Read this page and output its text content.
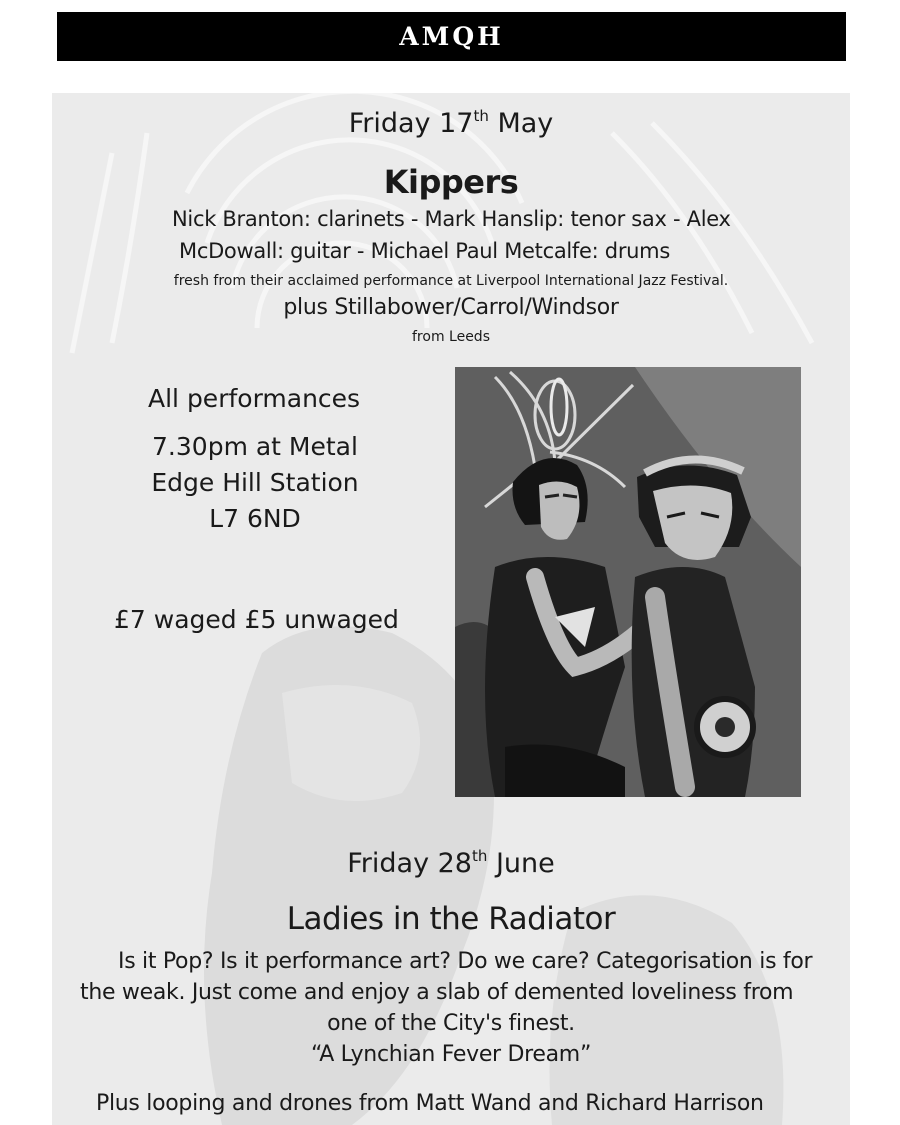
AMQH
Friday 17th May
Kippers
Nick Branton: clarinets - Mark Hanslip: tenor sax - Alex
McDowall: guitar - Michael Paul Metcalfe: drums
fresh from their acclaimed performance at Liverpool International Jazz Festival.
plus Stillabower/Carrol/Windsor
from Leeds
All performances
7.30pm at Metal
Edge Hill Station
L7 6ND
£7 waged £5 unwaged
Friday 28th June
Ladies in the Radiator
Is it Pop? Is it performance art? Do we care? Categorisation is for
the weak. Just come and enjoy a slab of demented loveliness from
one of the City's finest.
“A Lynchian Fever Dream”
Plus looping and drones from Matt Wand and Richard Harrison
